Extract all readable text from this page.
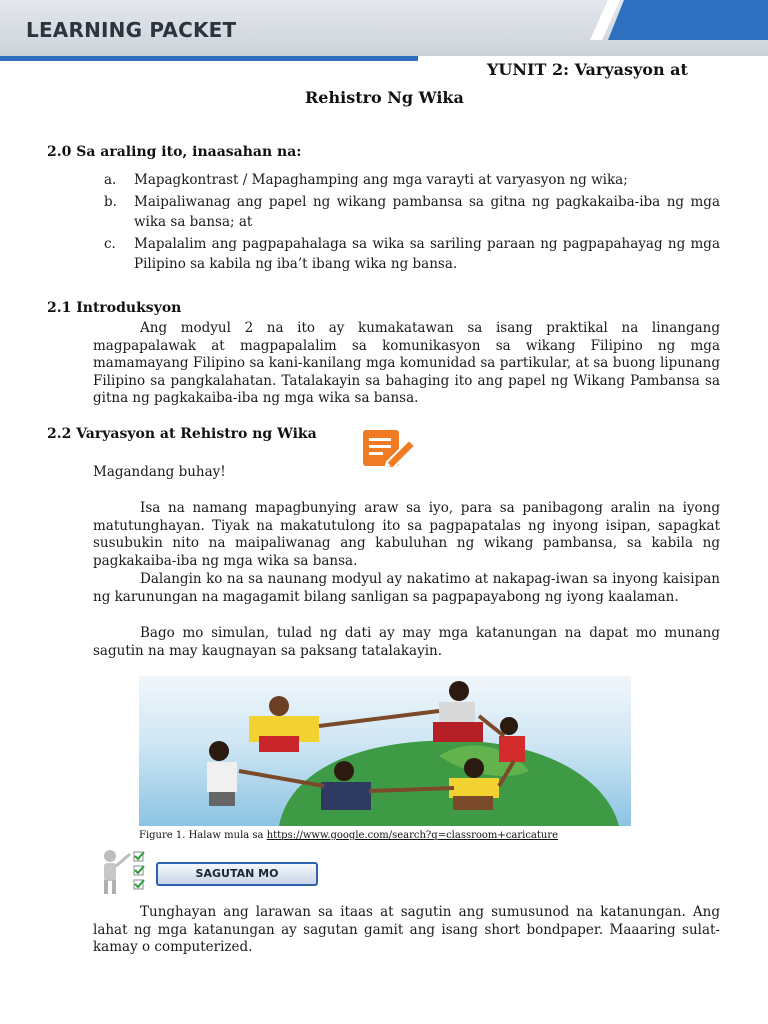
LEARNING PACKET
YUNIT 2: Varyasyon at
Rehistro Ng Wika
2.0 Sa araling ito, inaasahan na:
a. Mapagkontrast / Mapaghamping ang mga varayti at varyasyon ng wika;
b. Maipaliwanag ang papel ng wikang pambansa sa gitna ng pagkakaiba-iba ng mga wika sa bansa; at
c. Mapalalim ang pagpapahalaga sa wika sa sariling paraan ng pagpapahayag ng mga Pilipino sa kabila ng iba’t ibang wika ng bansa.
2.1 Introduksyon
Ang modyul 2 na ito ay kumakatawan sa isang praktikal na linangang magpapalawak at magpapalalim sa komunikasyon sa wikang Filipino ng mga mamamayang Filipino sa kani-kanilang mga komunidad sa partikular, at sa buong lipunang Filipino sa pangkalahatan. Tatalakayin sa bahaging ito ang papel ng Wikang Pambansa sa gitna ng pagkakaiba-iba ng mga wika sa bansa.
2.2 Varyasyon at Rehistro ng Wika
Magandang buhay!
Isa na namang mapagbunying araw sa iyo, para sa panibagong aralin na iyong matutunghayan. Tiyak na makatutulong ito sa pagpapatalas ng inyong isipan, sapagkat susubukin nito na maipaliwanag ang kabuluhan ng wikang pambansa, sa kabila ng pagkakaiba-iba ng mga wika sa bansa.
Dalangin ko na sa naunang modyul ay nakatimo at nakapag-iwan sa inyong kaisipan ng karunungan na magagamit bilang sanligan sa pagpapayabong ng iyong kaalaman.
Bago mo simulan, tulad ng dati ay may mga katanungan na dapat mo munang sagutin na may kaugnayan sa paksang tatalakayin.
Figure 1. Halaw mula sa https://www.google.com/search?q=classroom+caricature
SAGUTAN MO
Tunghayan ang larawan sa itaas at sagutin ang sumusunod na katanungan. Ang lahat ng mga katanungan ay sagutan gamit ang isang short bondpaper. Maaaring sulat-kamay o computerized.
